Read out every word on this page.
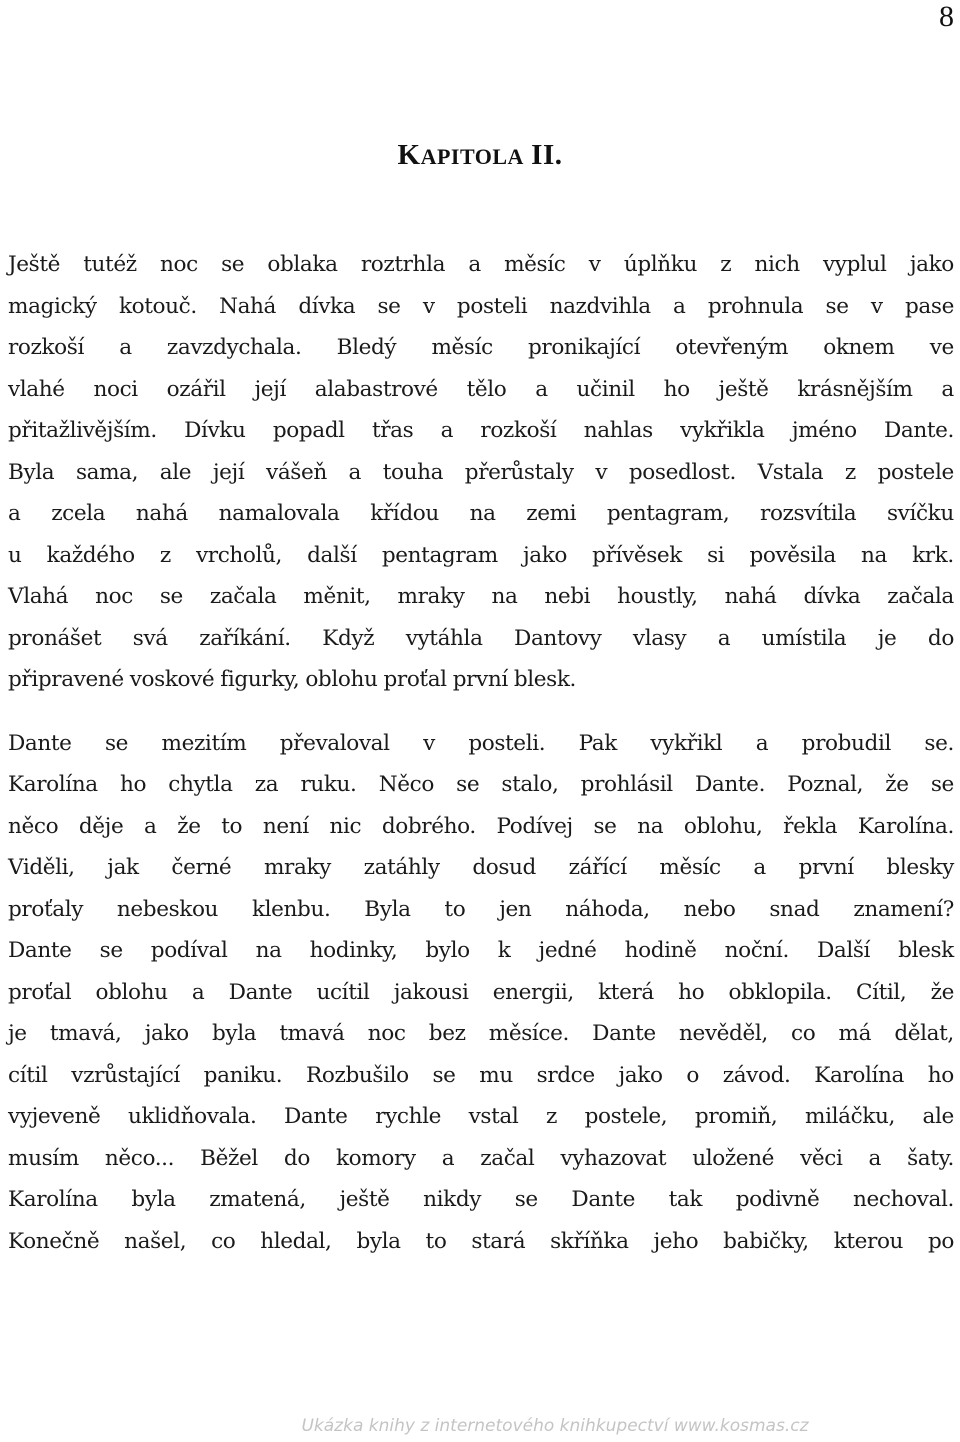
8
KAPITOLA II.
Ještě tutéž noc se oblaka roztrhla a měsíc v úplňku z nich vyplul jako
magický kotouč. Nahá dívka se v posteli nazdvihla a prohnula se v pase
rozkoší a zavzdychala. Bledý měsíc pronikající otevřeným oknem ve
vlahé noci ozářil její alabastrové tělo a učinil ho ještě krásnějším a
přitažlivějším. Dívku popadl třas a rozkoší nahlas vykřikla jméno Dante.
Byla sama, ale její vášeň a touha přerůstaly v posedlost. Vstala z postele
a zcela nahá namalovala křídou na zemi pentagram, rozsvítila svíčku
u každého z vrcholů, další pentagram jako přívěsek si pověsila na krk.
Vlahá noc se začala měnit, mraky na nebi houstly, nahá dívka začala
pronášet svá zaříkání. Když vytáhla Dantovy vlasy a umístila je do
připravené voskové figurky, oblohu proťal první blesk.
Dante se mezitím převaloval v posteli. Pak vykřikl a probudil se.
Karolína ho chytla za ruku. Něco se stalo, prohlásil Dante. Poznal, že se
něco děje a že to není nic dobrého. Podívej se na oblohu, řekla Karolína.
Viděli, jak černé mraky zatáhly dosud zářící měsíc a první blesky
proťaly nebeskou klenbu. Byla to jen náhoda, nebo snad znamení?
Dante se podíval na hodinky, bylo k jedné hodině noční. Další blesk
proťal oblohu a Dante ucítil jakousi energii, která ho obklopila. Cítil, že
je tmavá, jako byla tmavá noc bez měsíce. Dante nevěděl, co má dělat,
cítil vzrůstající paniku. Rozbušilo se mu srdce jako o závod. Karolína ho
vyjeveně uklidňovala. Dante rychle vstal z postele, promiň, miláčku, ale
musím něco... Běžel do komory a začal vyhazovat uložené věci a šaty.
Karolína byla zmatená, ještě nikdy se Dante tak podivně nechoval.
Konečně našel, co hledal, byla to stará skříňka jeho babičky, kterou po
Ukázka knihy z internetového knihkupectví www.kosmas.cz
